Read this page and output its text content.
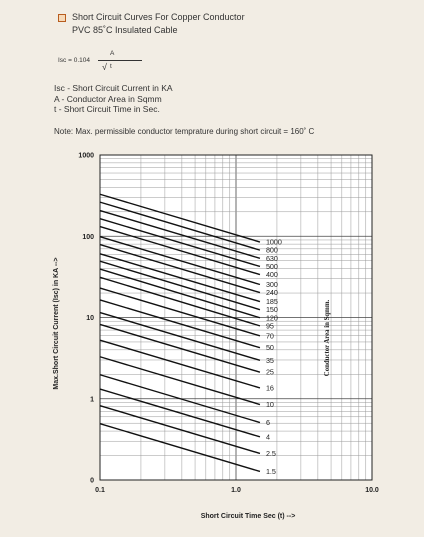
Short Circuit Curves For Copper Conductor
PVC 85˚C Insulated Cable
Isc = 0.104
A
√ t
Isc - Short Circuit Current in KA
A - Conductor Area in Sqmm
t - Short Circuit Time in Sec.
Note: Max. permissible conductor temprature during short circuit = 160˚ C
1000
800
630
500
400
300
240
185
150
120
95
70
50
35
25
16
10
6
4
2.5
1.5
1000
100
10
1
0
0.1	1.0	10.0
Short Circuit Time Sec (t) -->
Max.Short Circuit Current (Isc) in KA -->	Conductor Area in Sqmm.
